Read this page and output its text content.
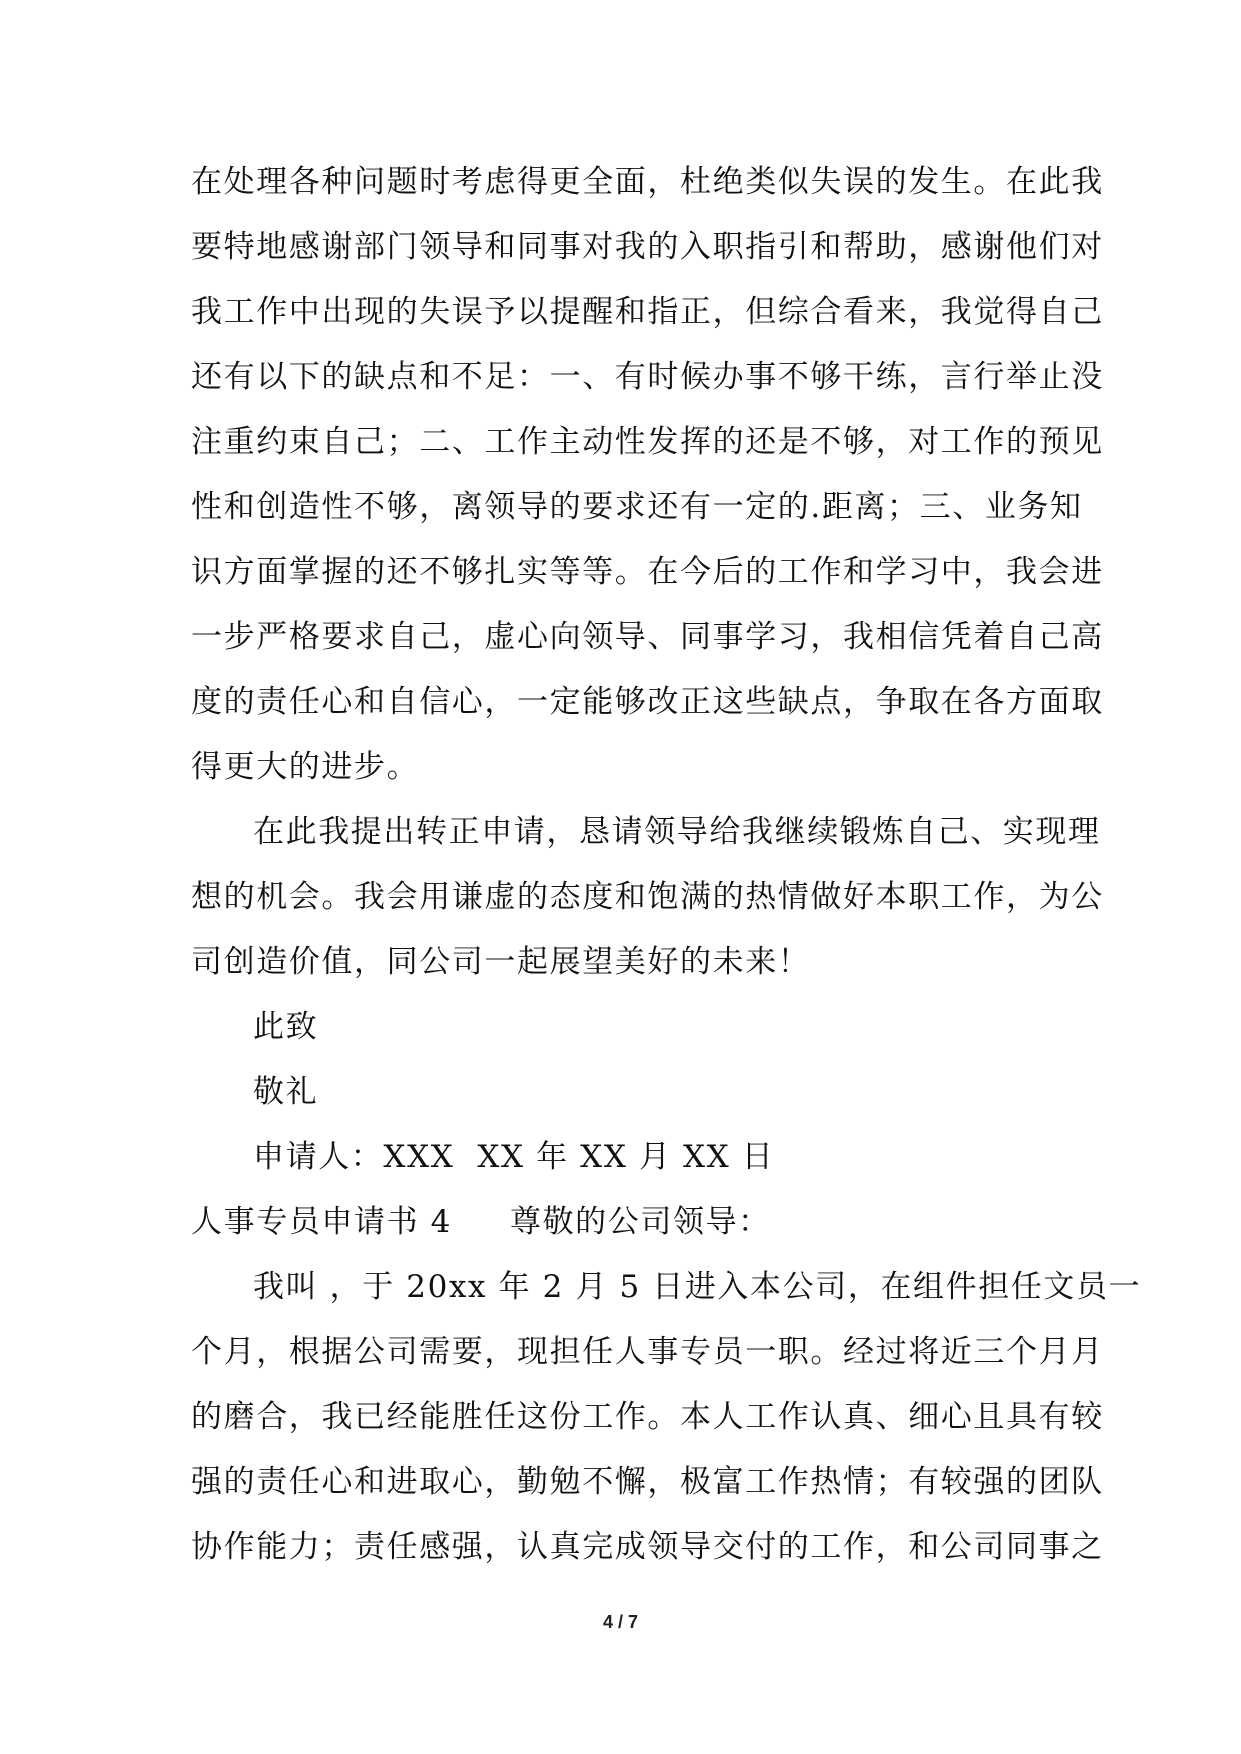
在处理各种问题时考虑得更全面，杜绝类似失误的发生。在此我
要特地感谢部门领导和同事对我的入职指引和帮助，感谢他们对
我工作中出现的失误予以提醒和指正，但综合看来，我觉得自己
还有以下的缺点和不足：一、有时候办事不够干练，言行举止没
注重约束自己；二、工作主动性发挥的还是不够，对工作的预见
性和创造性不够，离领导的要求还有一定的.距离；三、业务知
识方面掌握的还不够扎实等等。在今后的工作和学习中，我会进
一步严格要求自己，虚心向领导、同事学习，我相信凭着自己高
度的责任心和自信心，一定能够改正这些缺点，争取在各方面取
得更大的进步。
在此我提出转正申请，恳请领导给我继续锻炼自己、实现理
想的机会。我会用谦虚的态度和饱满的热情做好本职工作，为公
司创造价值，同公司一起展望美好的未来！
此致
敬礼
申请人：XXX  XX 年 XX 月 XX 日
人事专员申请书 4 尊敬的公司领导：
我叫 ，于 20xx 年 2 月 5 日进入本公司，在组件担任文员一
个月，根据公司需要，现担任人事专员一职。经过将近三个月月
的磨合，我已经能胜任这份工作。本人工作认真、细心且具有较
强的责任心和进取心，勤勉不懈，极富工作热情；有较强的团队
协作能力；责任感强，认真完成领导交付的工作，和公司同事之
4 / 7
